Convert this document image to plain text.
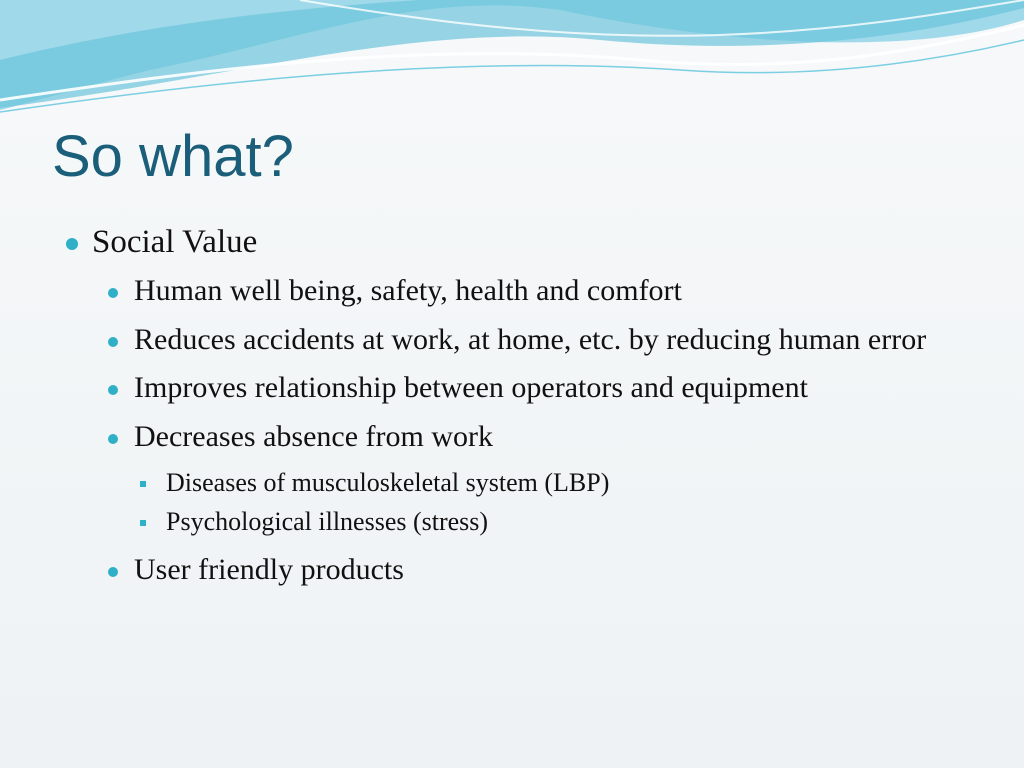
So what?
Social Value
Human well being, safety, health and comfort
Reduces accidents at work, at home, etc. by reducing human error
Improves relationship between operators and equipment
Decreases absence from work
Diseases of musculoskeletal system (LBP)
Psychological illnesses (stress)
User friendly products
